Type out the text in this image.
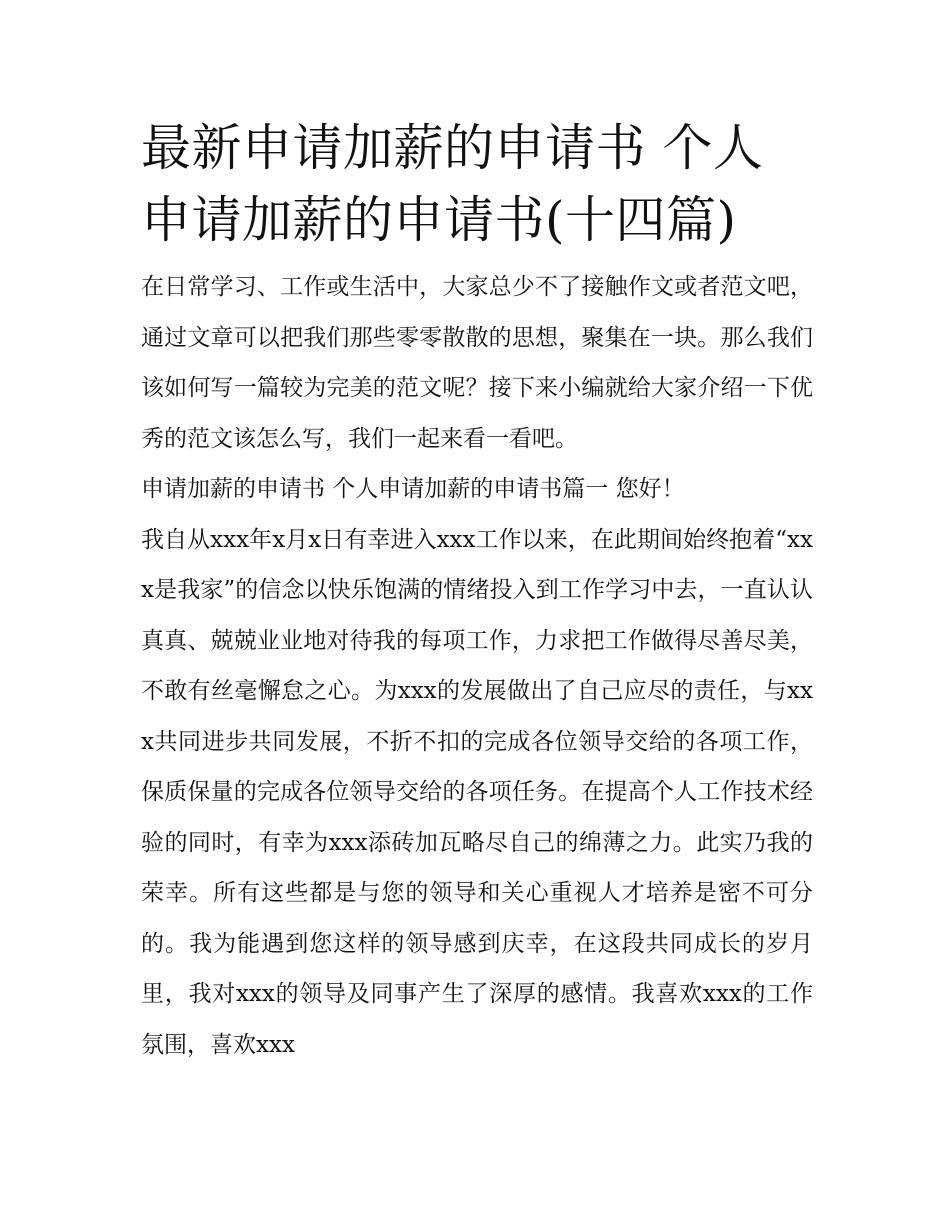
最新申请加薪的申请书 个人申请加薪的申请书(十四篇)

在日常学习、工作或生活中，大家总少不了接触作文或者范文吧，通过文章可以把我们那些零零散散的思想，聚集在一块。那么我们该如何写一篇较为完美的范文呢？接下来小编就给大家介绍一下优秀的范文该怎么写，我们一起来看一看吧。

申请加薪的申请书 个人申请加薪的申请书篇一 您好！

我自从xxx年x月x日有幸进入xxx工作以来，在此期间始终抱着“xxx是我家”的信念以快乐饱满的情绪投入到工作学习中去，一直认认真真、兢兢业业地对待我的每项工作，力求把工作做得尽善尽美，不敢有丝毫懈怠之心。为xxx的发展做出了自己应尽的责任，与xxx共同进步共同发展，不折不扣的完成各位领导交给的各项工作，保质保量的完成各位领导交给的各项任务。在提高个人工作技术经验的同时，有幸为xxx添砖加瓦略尽自己的绵薄之力。此实乃我的荣幸。所有这些都是与您的领导和关心重视人才培养是密不可分的。我为能遇到您这样的领导感到庆幸，在这段共同成长的岁月里，我对xxx的领导及同事产生了深厚的感情。我喜欢xxx的工作氛围，喜欢xxx
